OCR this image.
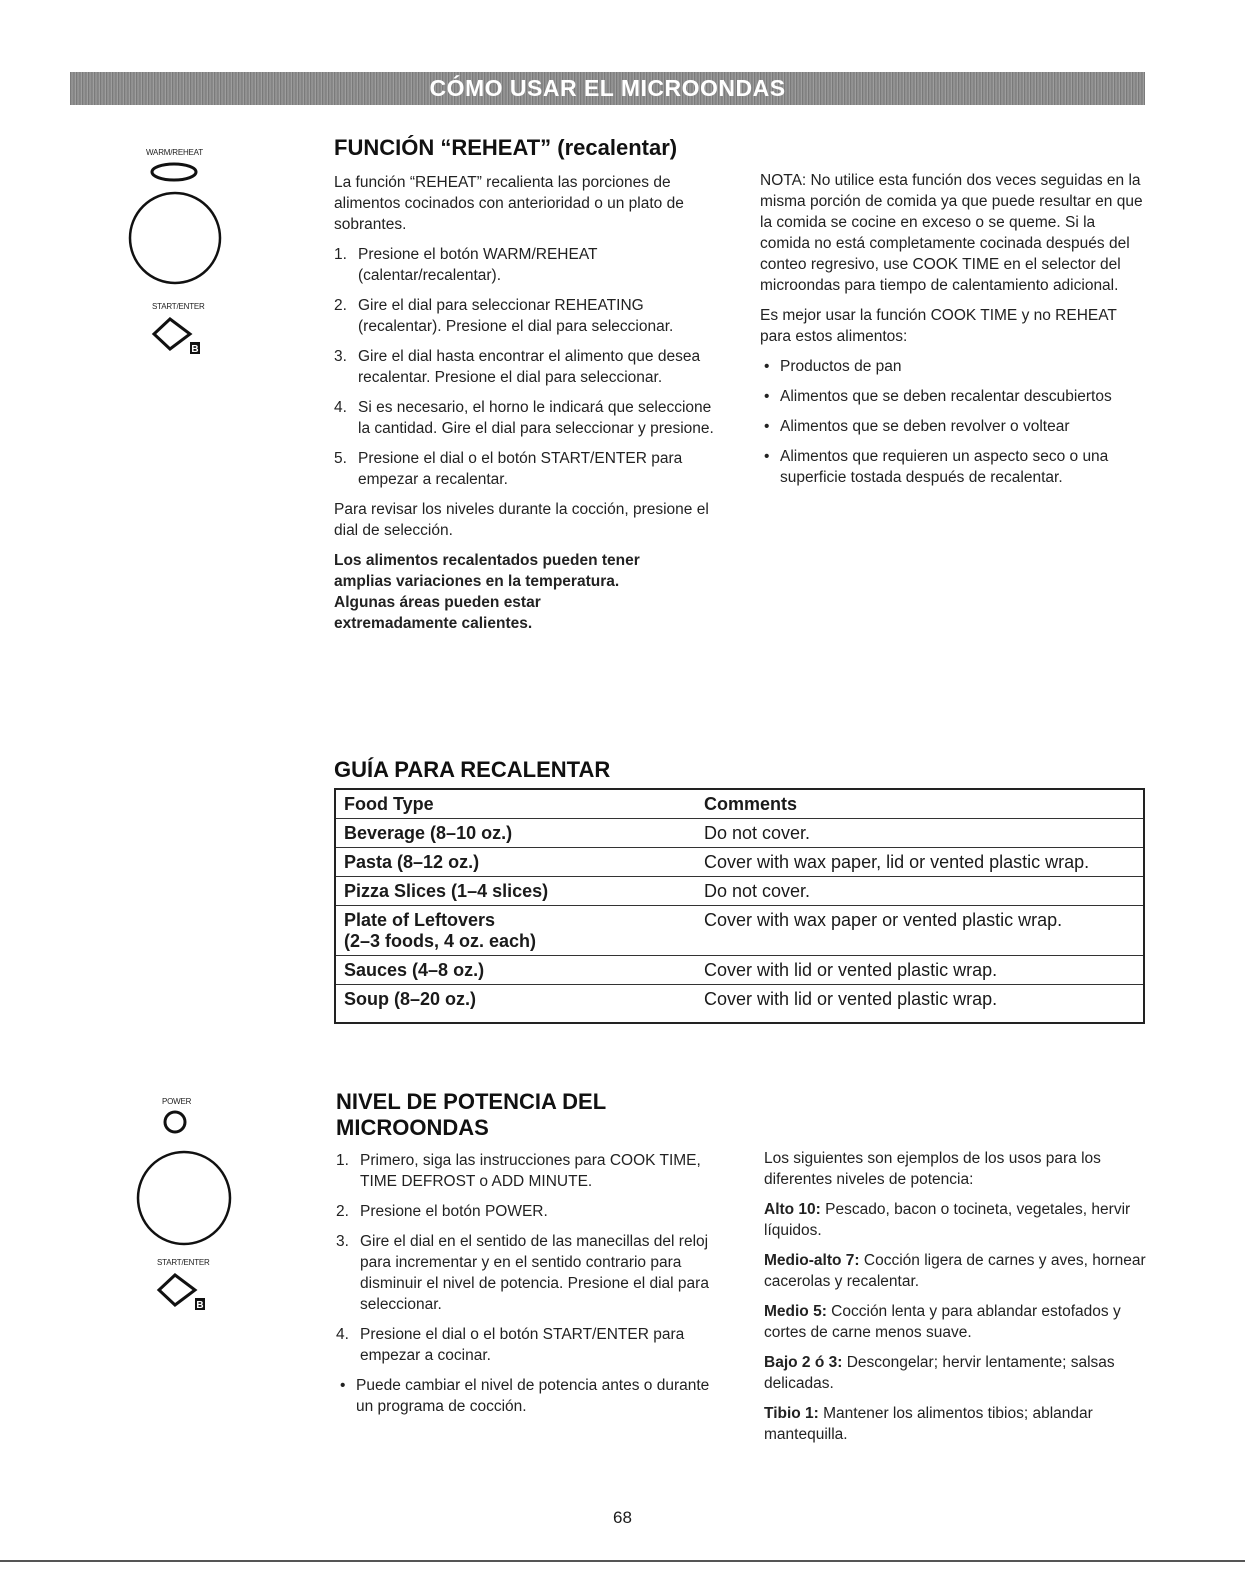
CÓMO USAR EL MICROONDAS
WARM/REHEAT
START/ENTER
B
FUNCIÓN “REHEAT” (recalentar)

La función “REHEAT” recalienta las porciones de alimentos cocinados con anterioridad o un plato de sobrantes.

1. Presione el botón WARM/REHEAT (calentar/recalentar).
2. Gire el dial para seleccionar REHEATING (recalentar). Presione el dial para seleccionar.
3. Gire el dial hasta encontrar el alimento que desea recalentar. Presione el dial para seleccionar.
4. Si es necesario, el horno le indicará que seleccione la cantidad. Gire el dial para seleccionar y presione.
5. Presione el dial o el botón START/ENTER para empezar a recalentar.

Para revisar los niveles durante la cocción, presione el dial de selección.

Los alimentos recalentados pueden tener amplias variaciones en la temperatura. Algunas áreas pueden estar extremadamente calientes.

NOTA: No utilice esta función dos veces seguidas en la misma porción de comida ya que puede resultar en que la comida se cocine en exceso o se queme. Si la comida no está completamente cocinada después del conteo regresivo, use COOK TIME en el selector del microondas para tiempo de calentamiento adicional.

Es mejor usar la función COOK TIME y no REHEAT para estos alimentos:

• Productos de pan
• Alimentos que se deben recalentar descubiertos
• Alimentos que se deben revolver o voltear
• Alimentos que requieren un aspecto seco o una superficie tostada después de recalentar.
GUÍA PARA RECALENTAR
Food Type	Comments
Beverage (8–10 oz.)	Do not cover.
Pasta (8–12 oz.)	Cover with wax paper, lid or vented plastic wrap.
Pizza Slices (1–4 slices)	Do not cover.

Plate of Leftovers
(2–3 foods, 4 oz. each)	Cover with wax paper or vented plastic wrap.
Sauces (4–8 oz.)	Cover with lid or vented plastic wrap.
Soup (8–20 oz.)	Cover with lid or vented plastic wrap.
POWER
START/ENTER
B
NIVEL DE POTENCIA DEL
MICROONDAS
1. Primero, siga las instrucciones para COOK TIME, TIME DEFROST o ADD MINUTE.
2. Presione el botón POWER.
3. Gire el dial en el sentido de las manecillas del reloj para incrementar y en el sentido contrario para disminuir el nivel de potencia. Presione el dial para seleccionar.
4. Presione el dial o el botón START/ENTER para empezar a cocinar.
• Puede cambiar el nivel de potencia antes o durante un programa de cocción.

Los siguientes son ejemplos de los usos para los diferentes niveles de potencia:

Alto 10: Pescado, bacon o tocineta, vegetales, hervir líquidos.

Medio-alto 7: Cocción ligera de carnes y aves, hornear cacerolas y recalentar.

Medio 5: Cocción lenta y para ablandar estofados y cortes de carne menos suave.

Bajo 2 ó 3: Descongelar; hervir lentamente; salsas delicadas.

Tibio 1: Mantener los alimentos tibios; ablandar mantequilla.

68
